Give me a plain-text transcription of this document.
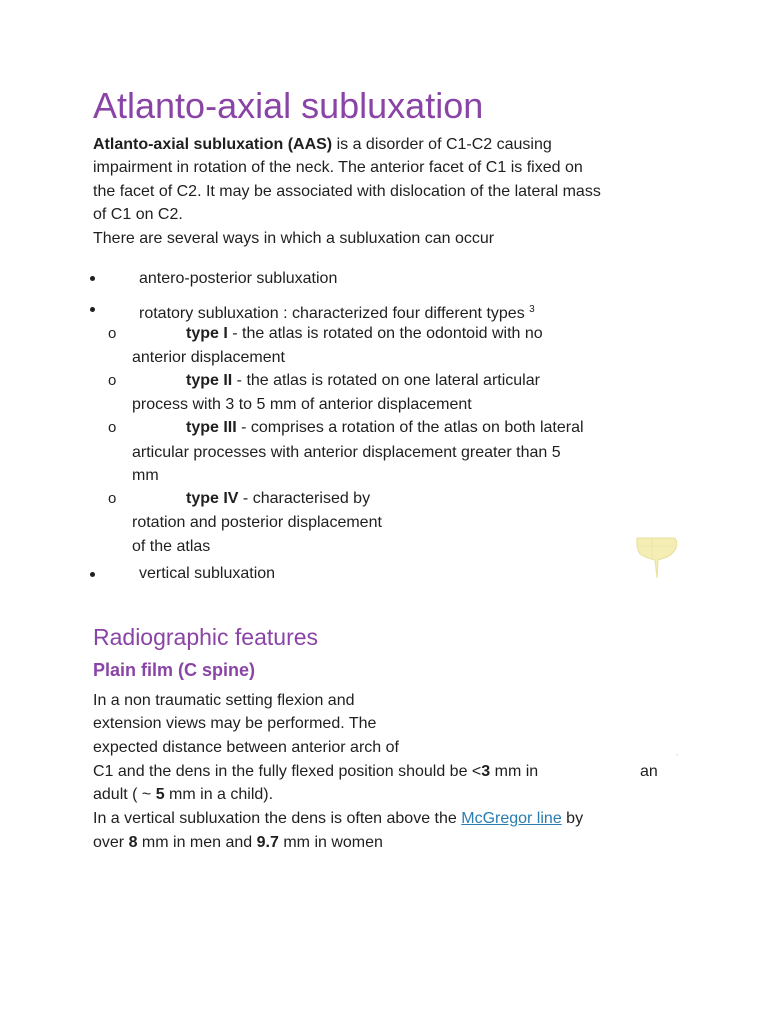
Atlanto-axial subluxation
Atlanto-axial subluxation (AAS) is a disorder of C1-C2 causing
impairment in rotation of the neck. The anterior facet of C1 is fixed on
the facet of C2. It may be associated with dislocation of the lateral mass
of C1 on C2.
There are several ways in which a subluxation can occur
antero-posterior subluxation
rotatory subluxation : characterized four different types $^3$
o	type I - the atlas is rotated on the odontoid with no
anterior displacement
o	type II - the atlas is rotated on one lateral articular
process with 3 to 5 mm of anterior displacement
o	type III - comprises a rotation of the atlas on both lateral
articular processes with anterior displacement greater than 5
mm
o	type IV - characterised by
rotation and posterior displacement
of the atlas
vertical subluxation
Radiographic features
Plain film (C spine)
In a non traumatic setting flexion and
extension views may be performed. The
expected distance between anterior arch of
ﾞ
C1 and the dens in the fully flexed position should be <3 mm in	an
adult ( ~ 5 mm in a child).
In a vertical subluxation the dens is often above the McGregor line by
over 8 mm in men and 9.7 mm in women
